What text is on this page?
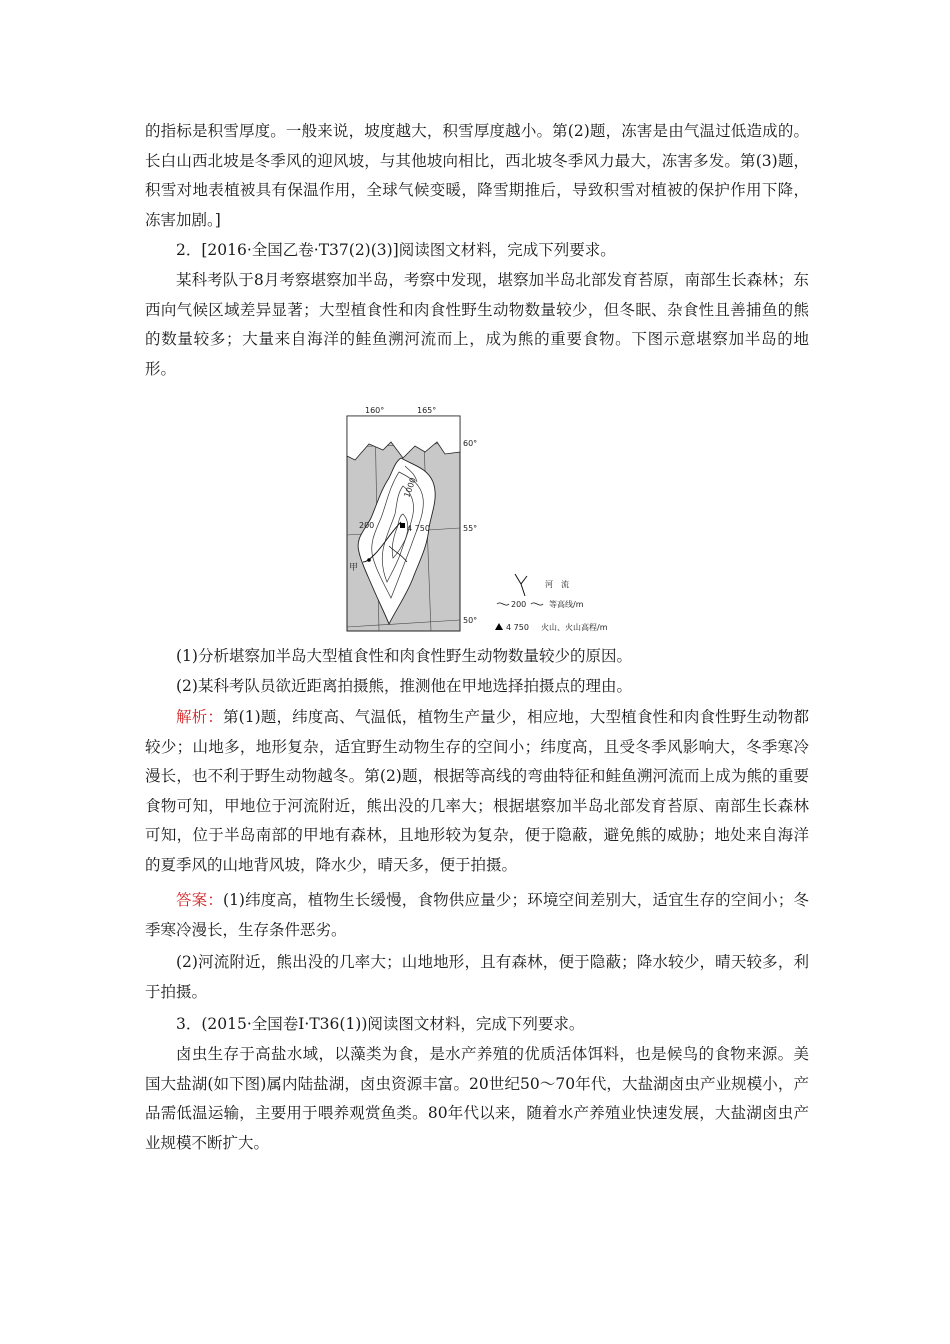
的指标是积雪厚度。一般来说，坡度越大，积雪厚度越小。第(2)题，冻害是由气温过低造成的。长白山西北坡是冬季风的迎风坡，与其他坡向相比，西北坡冬季风力最大，冻害多发。第(3)题，积雪对地表植被具有保温作用，全球气候变暖，降雪期推后，导致积雪对植被的保护作用下降，冻害加剧。]

2．[2016·全国乙卷·T37(2)(3)]阅读图文材料，完成下列要求。

某科考队于8月考察堪察加半岛，考察中发现，堪察加半岛北部发育苔原，南部生长森林；东西向气候区域差异显著；大型植食性和肉食性野生动物数量较少，但冬眠、杂食性且善捕鱼的熊的数量较多；大量来自海洋的鲑鱼溯河流而上，成为熊的重要食物。下图示意堪察加半岛的地形。

200
1000
4 750
甲
160°	165°
60°
55°
50°
河　流
200	等高线/m
4 750 火山、火山高程/m

(1)分析堪察加半岛大型植食性和肉食性野生动物数量较少的原因。

(2)某科考队员欲近距离拍摄熊，推测他在甲地选择拍摄点的理由。

解析：第(1)题，纬度高、气温低，植物生产量少，相应地，大型植食性和肉食性野生动物都较少；山地多，地形复杂，适宜野生动物生存的空间小；纬度高，且受冬季风影响大，冬季寒冷漫长，也不利于野生动物越冬。第(2)题，根据等高线的弯曲特征和鲑鱼溯河流而上成为熊的重要食物可知，甲地位于河流附近，熊出没的几率大；根据堪察加半岛北部发育苔原、南部生长森林可知，位于半岛南部的甲地有森林，且地形较为复杂，便于隐蔽，避免熊的威胁；地处来自海洋的夏季风的山地背风坡，降水少，晴天多，便于拍摄。

答案：(1)纬度高，植物生长缓慢，食物供应量少；环境空间差别大，适宜生存的空间小；冬季寒冷漫长，生存条件恶劣。

(2)河流附近，熊出没的几率大；山地地形，且有森林，便于隐蔽；降水较少，晴天较多，利于拍摄。

3．(2015·全国卷Ⅰ·T36(1))阅读图文材料，完成下列要求。

卤虫生存于高盐水域，以藻类为食，是水产养殖的优质活体饵料，也是候鸟的食物来源。美国大盐湖(如下图)属内陆盐湖，卤虫资源丰富。20世纪50～70年代，大盐湖卤虫产业规模小，产品需低温运输，主要用于喂养观赏鱼类。80年代以来，随着水产养殖业快速发展，大盐湖卤虫产业规模不断扩大。
